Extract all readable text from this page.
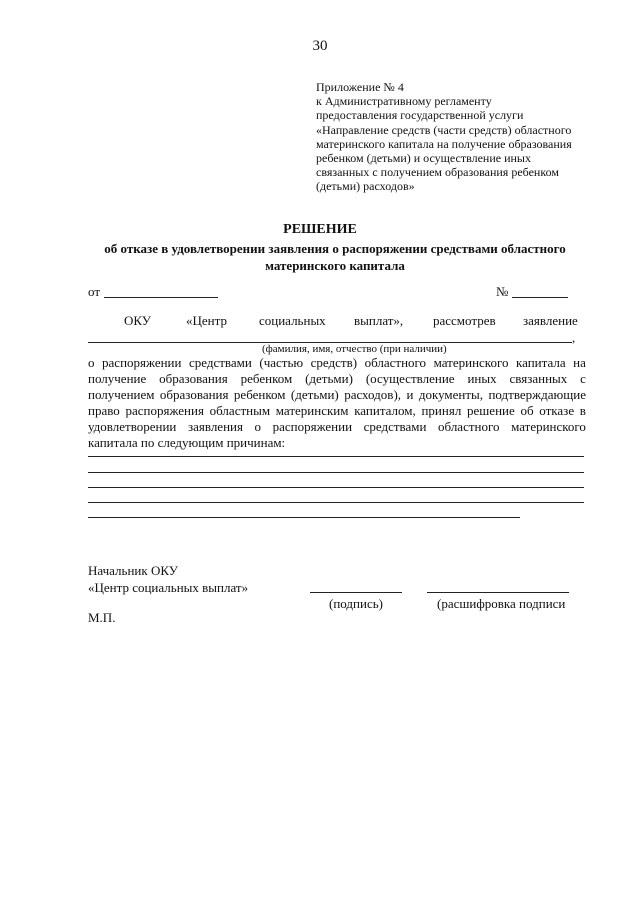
30
Приложение № 4
к Административному регламенту
предоставления государственной услуги
«Направление средств (части средств) областного
материнского капитала на получение образования
ребенком (детьми) и осуществление иных
связанных с получением образования ребенком
(детьми) расходов»
РЕШЕНИЕ
об отказе в удовлетворении заявления о распоряжении средствами областного материнского капитала
от	№
ОКУ	«Центр социальных выплат», рассмотрев заявление
,
(фамилия, имя, отчество (при наличии)
о распоряжении средствами (частью средств) областного материнского капитала на
получение образования ребенком (детьми) (осуществление иных связанных с
получением образования ребенком (детьми) расходов), и документы, подтверждающие
право распоряжения областным материнским капиталом, принял решение об отказе в
удовлетворении заявления о распоряжении средствами областного материнского
капитала по следующим причинам:
Начальник ОКУ
«Центр социальных выплат»
(подпись)	(расшифровка подписи
М.П.
